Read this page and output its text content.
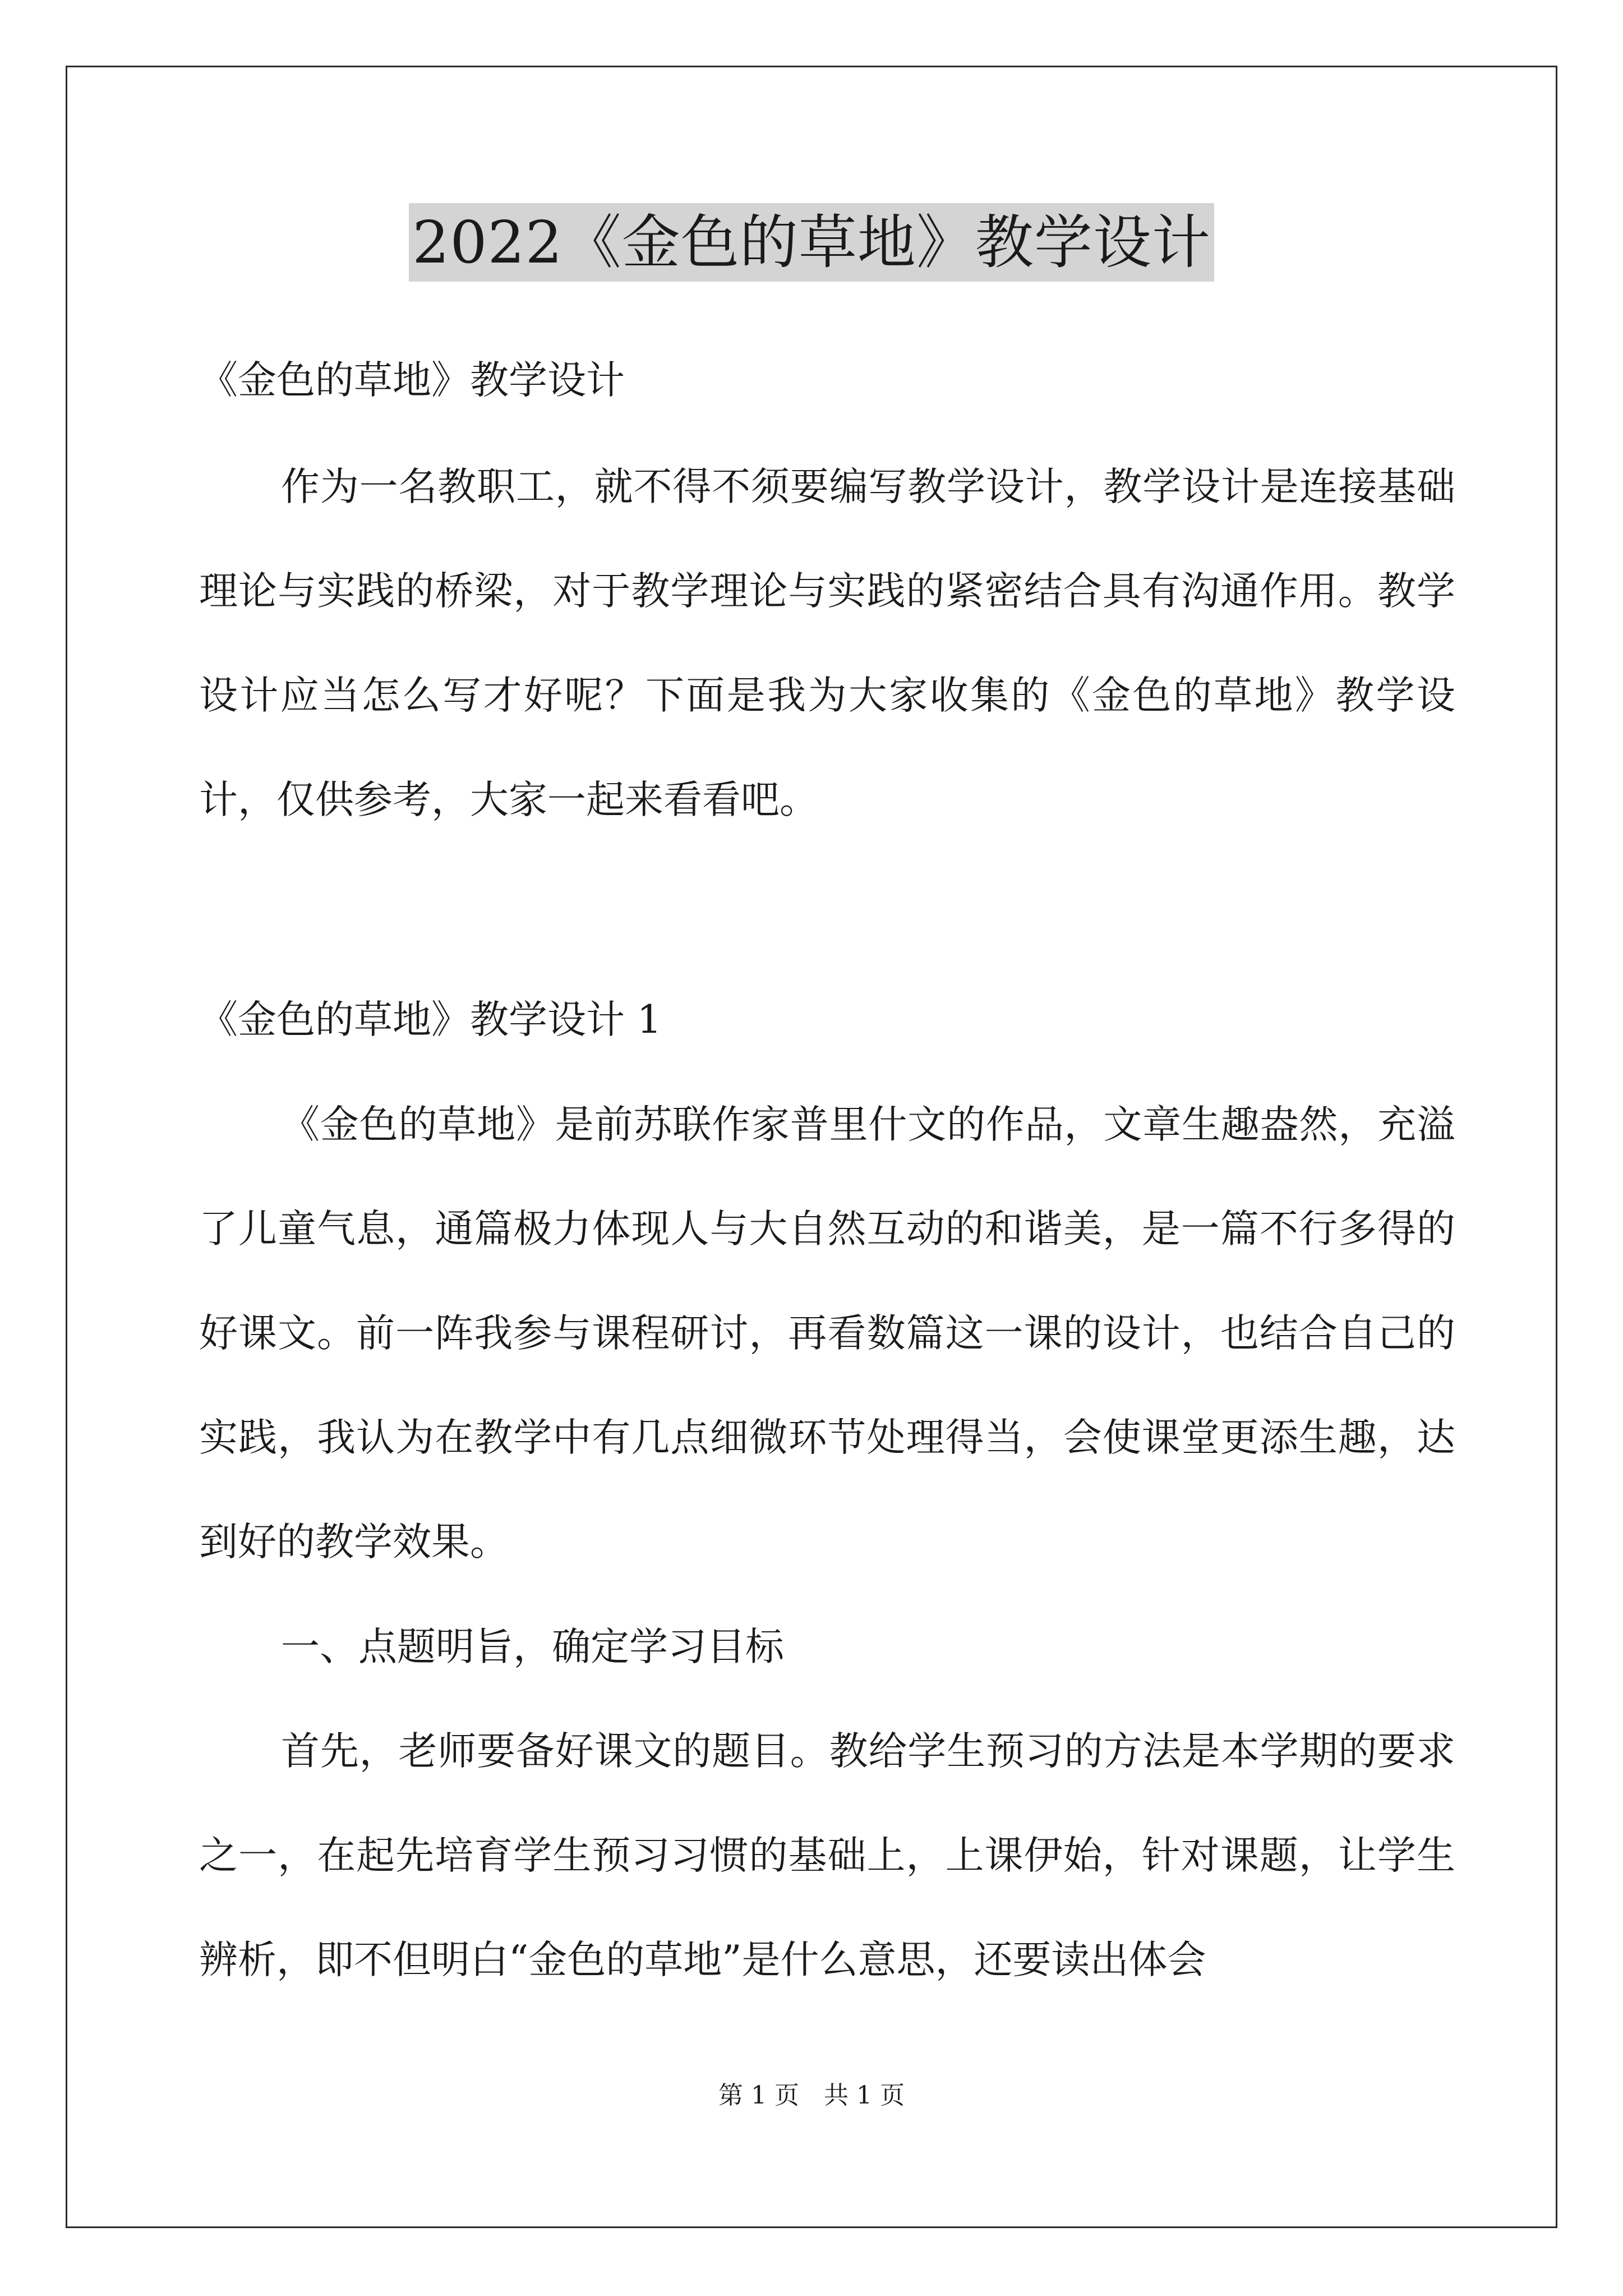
2022《金色的草地》教学设计

《金色的草地》教学设计

作为一名教职工，就不得不须要编写教学设计，教学设计是连接基础理论与实践的桥梁，对于教学理论与实践的紧密结合具有沟通作用。教学设计应当怎么写才好呢？下面是我为大家收集的《金色的草地》教学设计，仅供参考，大家一起来看看吧。

《金色的草地》教学设计 1

《金色的草地》是前苏联作家普里什文的作品，文章生趣盎然，充溢了儿童气息，通篇极力体现人与大自然互动的和谐美，是一篇不行多得的好课文。前一阵我参与课程研讨，再看数篇这一课的设计，也结合自己的实践，我认为在教学中有几点细微环节处理得当，会使课堂更添生趣，达到好的教学效果。

一、点题明旨，确定学习目标

首先，老师要备好课文的题目。教给学生预习的方法是本学期的要求之一，在起先培育学生预习习惯的基础上，上课伊始，针对课题，让学生辨析，即不但明白“金色的草地”是什么意思，还要读出体会

第 1 页　共 1 页
